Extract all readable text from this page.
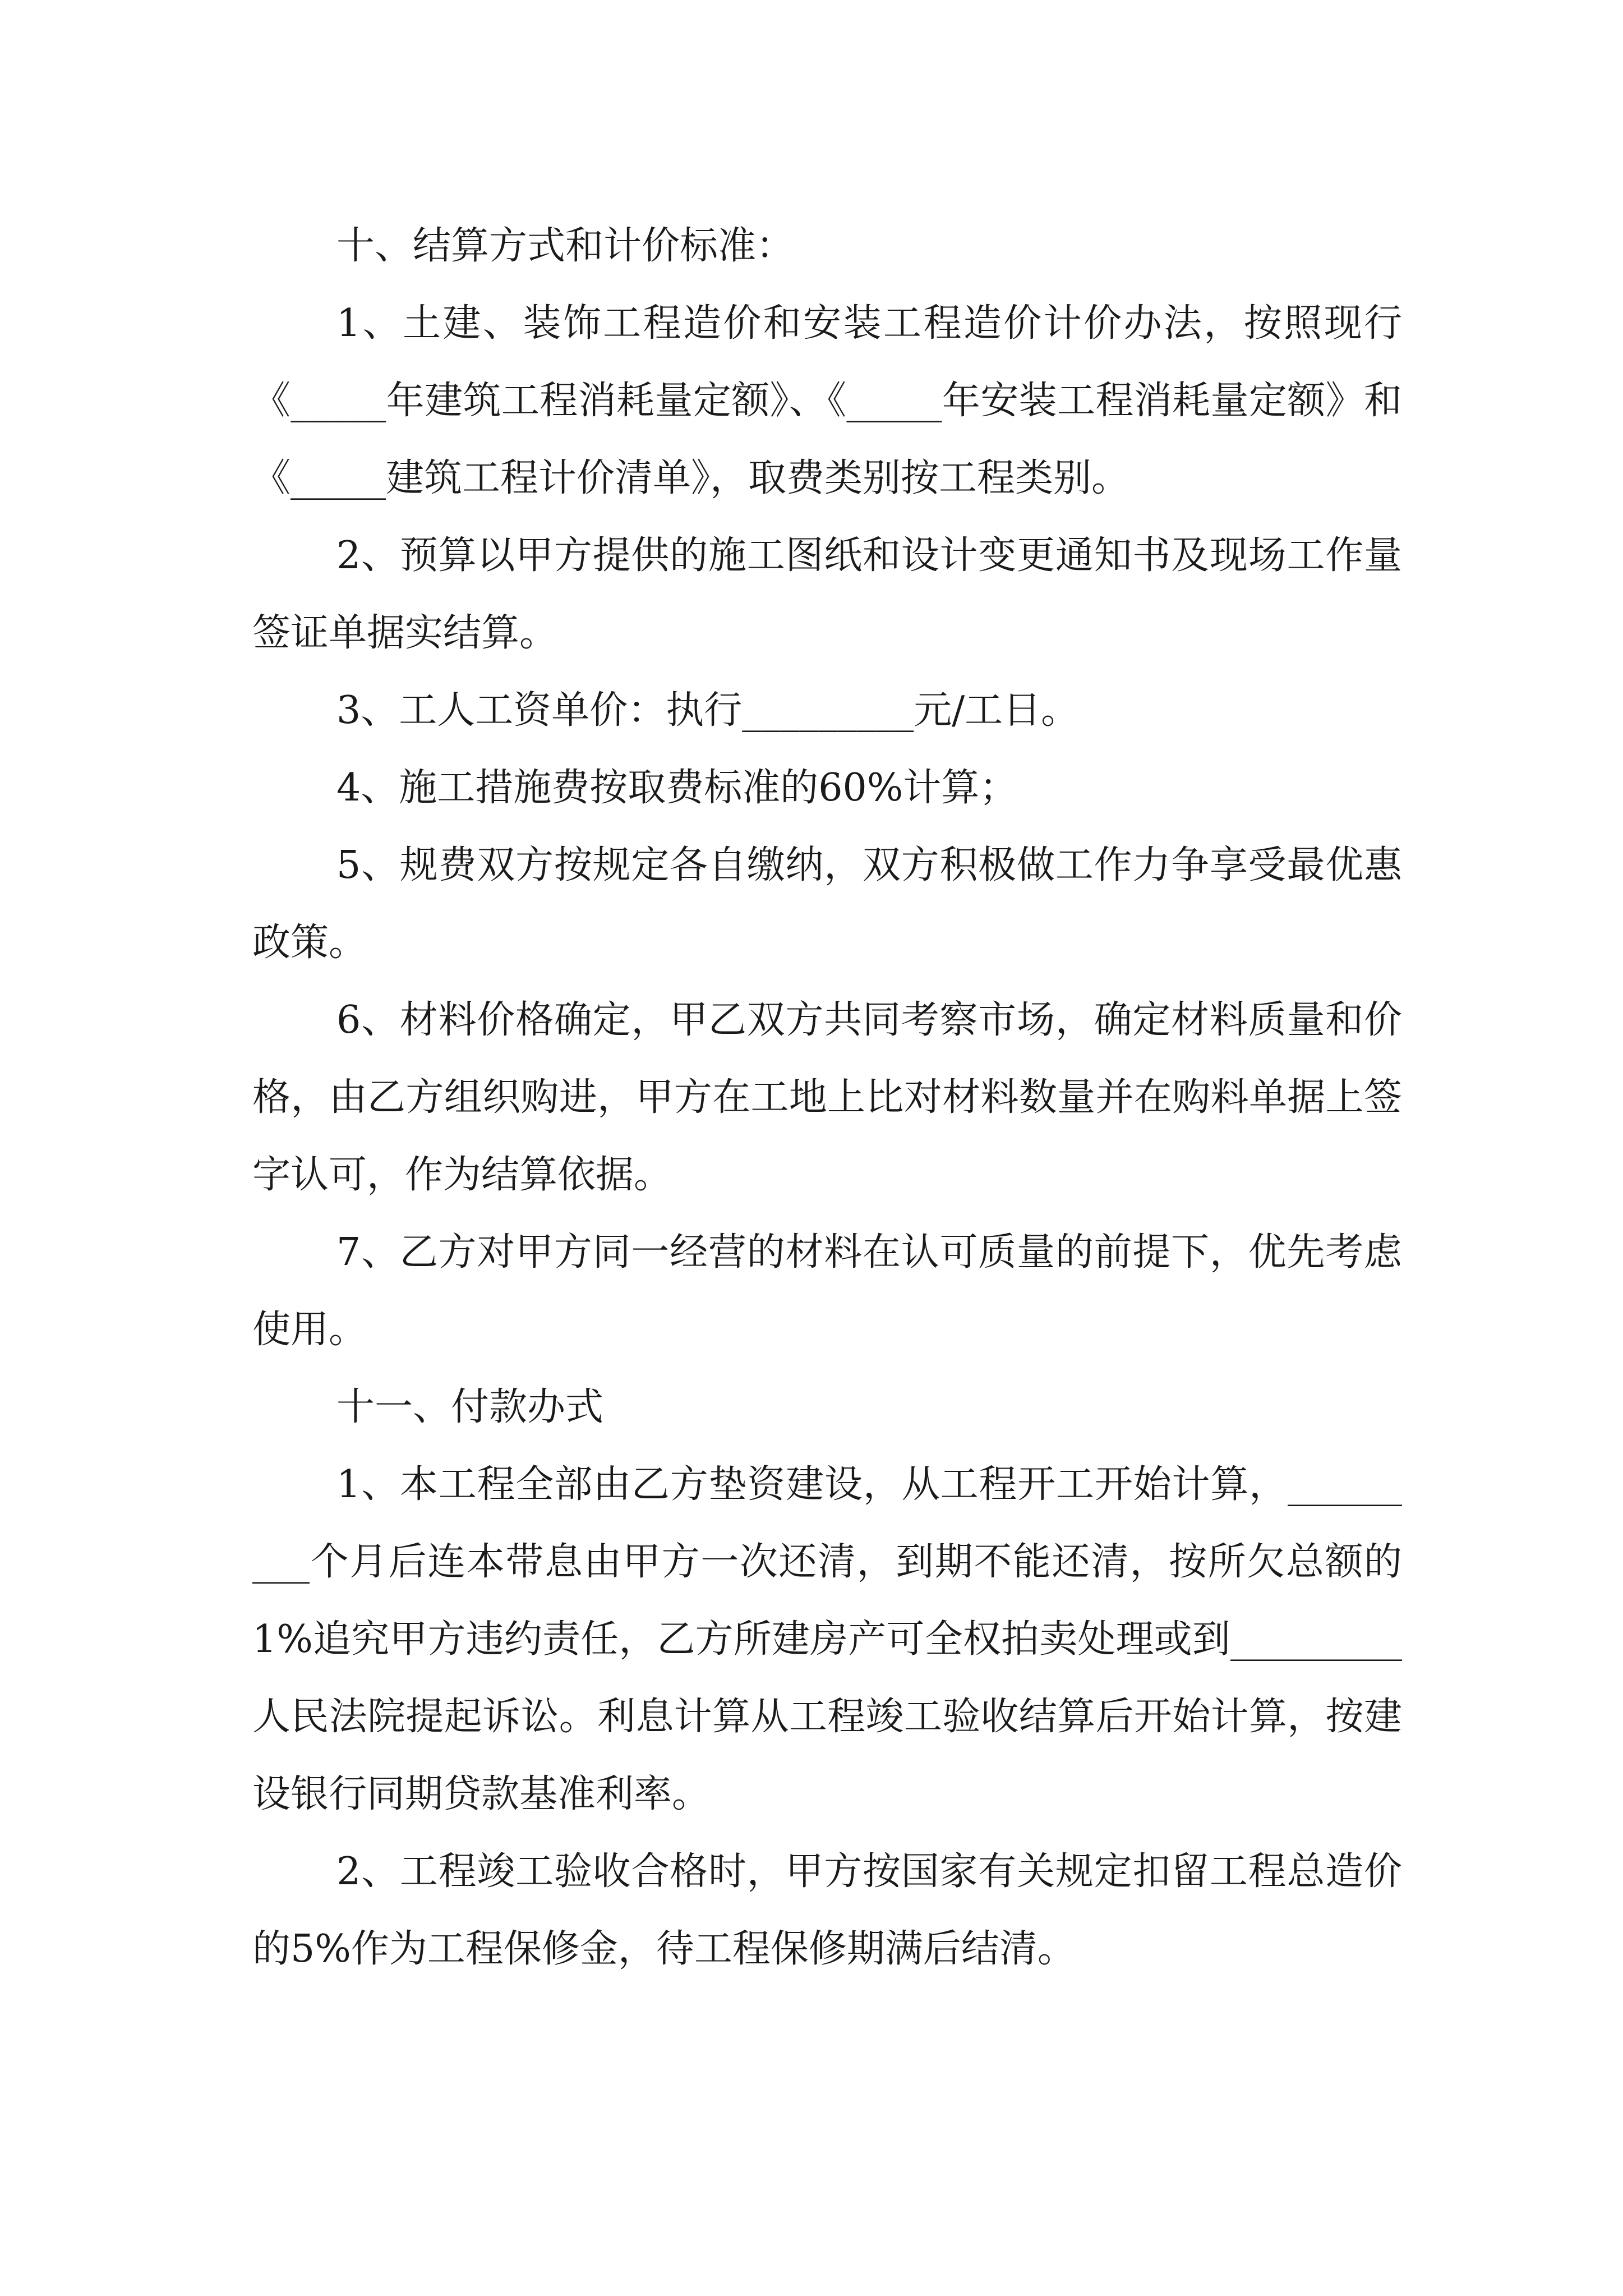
十、结算方式和计价标准：

1、土建、装饰工程造价和安装工程造价计价办法，按照现行《_____年建筑工程消耗量定额》、《_____年安装工程消耗量定额》和《_____建筑工程计价清单》，取费类别按工程类别。

2、预算以甲方提供的施工图纸和设计变更通知书及现场工作量签证单据实结算。

3、工人工资单价：执行_________元/工日。

4、施工措施费按取费标准的60%计算；

5、规费双方按规定各自缴纳，双方积极做工作力争享受最优惠政策。

6、材料价格确定，甲乙双方共同考察市场，确定材料质量和价格，由乙方组织购进，甲方在工地上比对材料数量并在购料单据上签字认可，作为结算依据。

7、乙方对甲方同一经营的材料在认可质量的前提下，优先考虑使用。

十一、付款办式

1、本工程全部由乙方垫资建设，从工程开工开始计算，_________个月后连本带息由甲方一次还清，到期不能还清，按所欠总额的1%追究甲方违约责任，乙方所建房产可全权拍卖处理或到_________人民法院提起诉讼。利息计算从工程竣工验收结算后开始计算，按建设银行同期贷款基准利率。

2、工程竣工验收合格时，甲方按国家有关规定扣留工程总造价的5%作为工程保修金，待工程保修期满后结清。
